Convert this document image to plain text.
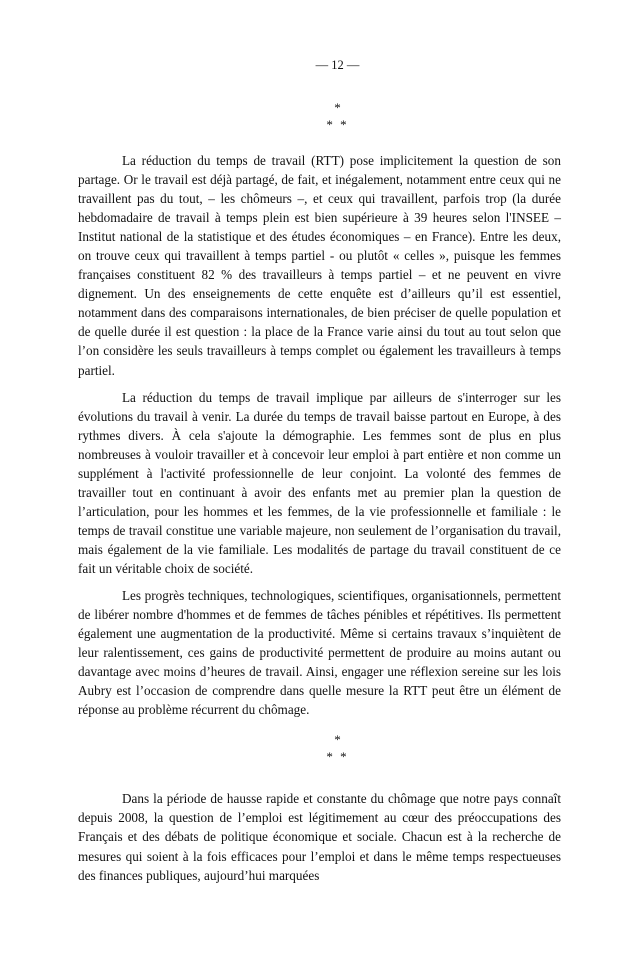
— 12 —
*
* *

La réduction du temps de travail (RTT) pose implicitement la question de son partage. Or le travail est déjà partagé, de fait, et inégalement, notamment entre ceux qui ne travaillent pas du tout, – les chômeurs –, et ceux qui travaillent, parfois trop (la durée hebdomadaire de travail à temps plein est bien supérieure à 39 heures selon l'INSEE – Institut national de la statistique et des études économiques – en France). Entre les deux, on trouve ceux qui travaillent à temps partiel - ou plutôt « celles », puisque les femmes françaises constituent 82 % des travailleurs à temps partiel – et ne peuvent en vivre dignement. Un des enseignements de cette enquête est d’ailleurs qu’il est essentiel, notamment dans des comparaisons internationales, de bien préciser de quelle population et de quelle durée il est question : la place de la France varie ainsi du tout au tout selon que l’on considère les seuls travailleurs à temps complet ou également les travailleurs à temps partiel.

La réduction du temps de travail implique par ailleurs de s'interroger sur les évolutions du travail à venir. La durée du temps de travail baisse partout en Europe, à des rythmes divers. À cela s'ajoute la démographie. Les femmes sont de plus en plus nombreuses à vouloir travailler et à concevoir leur emploi à part entière et non comme un supplément à l'activité professionnelle de leur conjoint. La volonté des femmes de travailler tout en continuant à avoir des enfants met au premier plan la question de l’articulation, pour les hommes et les femmes, de la vie professionnelle et familiale : le temps de travail constitue une variable majeure, non seulement de l’organisation du travail, mais également de la vie familiale. Les modalités de partage du travail constituent de ce fait un véritable choix de société.

Les progrès techniques, technologiques, scientifiques, organisationnels, permettent de libérer nombre d'hommes et de femmes de tâches pénibles et répétitives. Ils permettent également une augmentation de la productivité. Même si certains travaux s’inquiètent de leur ralentissement, ces gains de productivité permettent de produire au moins autant ou davantage avec moins d’heures de travail. Ainsi, engager une réflexion sereine sur les lois Aubry est l’occasion de comprendre dans quelle mesure la RTT peut être un élément de réponse au problème récurrent du chômage.

*
* *

Dans la période de hausse rapide et constante du chômage que notre pays connaît depuis 2008, la question de l’emploi est légitimement au cœur des préoccupations des Français et des débats de politique économique et sociale. Chacun est à la recherche de mesures qui soient à la fois efficaces pour l’emploi et dans le même temps respectueuses des finances publiques, aujourd’hui marquées
